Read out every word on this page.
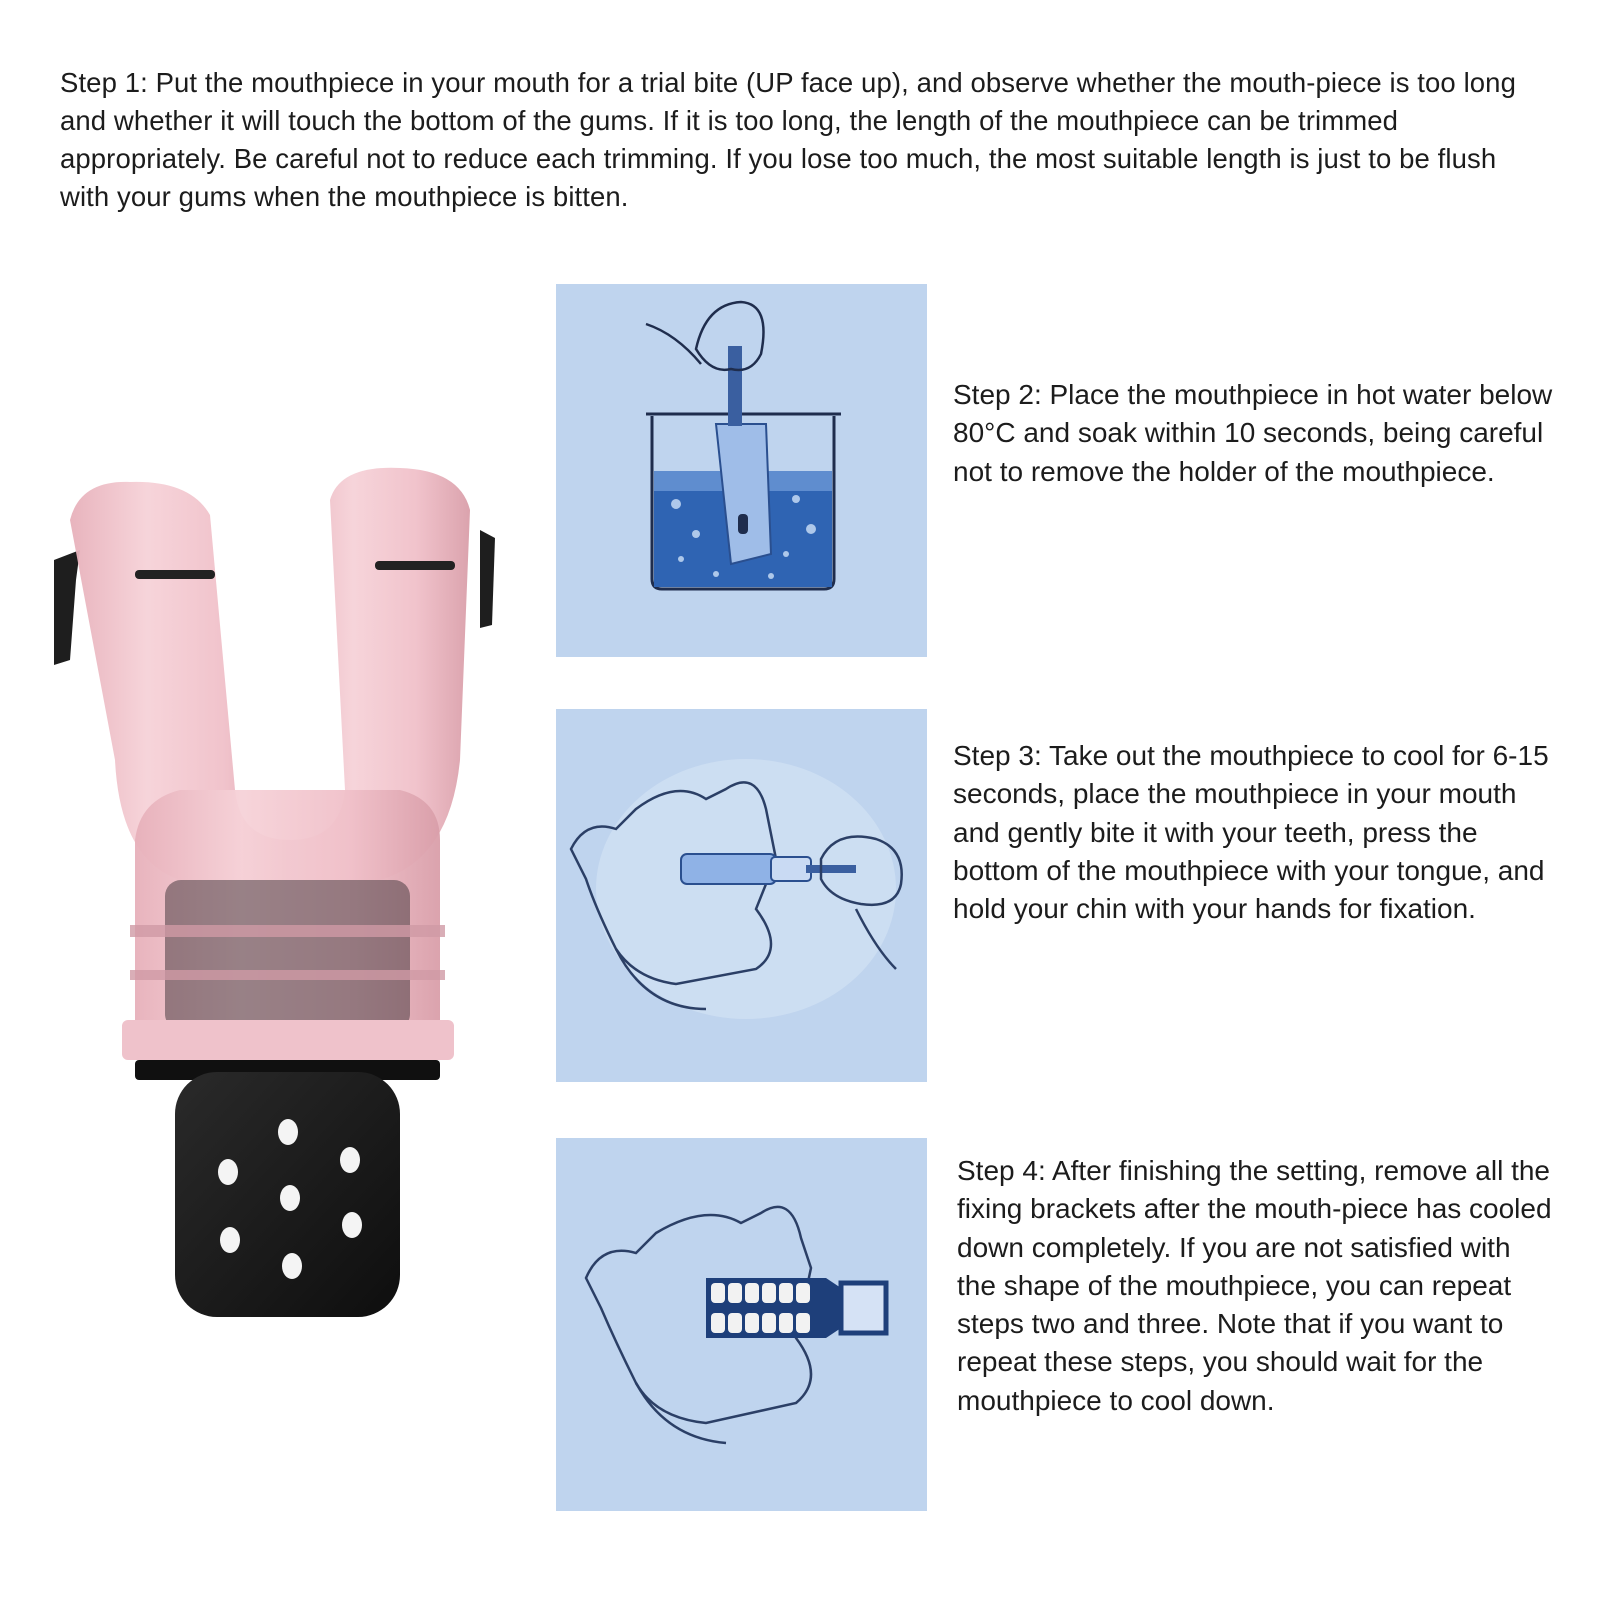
Step 1: Put the mouthpiece in your mouth for a trial bite (UP face up), and observe whether the mouth-piece is too long and whether it will touch the bottom of the gums. If it is too long, the length of the mouthpiece can be trimmed appropriately. Be careful not to reduce each trimming. If you lose too much, the most suitable length is just to be flush with your gums when the mouthpiece is bitten.
Step 2: Place the mouthpiece in hot water below 80°C and soak within 10 seconds, being careful not to remove the holder of the mouthpiece.
Step 3: Take out the mouthpiece to cool for 6-15 seconds, place the mouthpiece in your mouth and gently bite it with your teeth, press the bottom of the mouthpiece with your tongue, and hold your chin with your hands for fixation.
Step 4: After finishing the setting, remove all the fixing brackets after the mouth-piece has cooled down completely. If you are not satisfied with the shape of the mouthpiece, you can repeat steps two and three. Note that if you want to repeat these steps, you should wait for the mouthpiece to cool down.
